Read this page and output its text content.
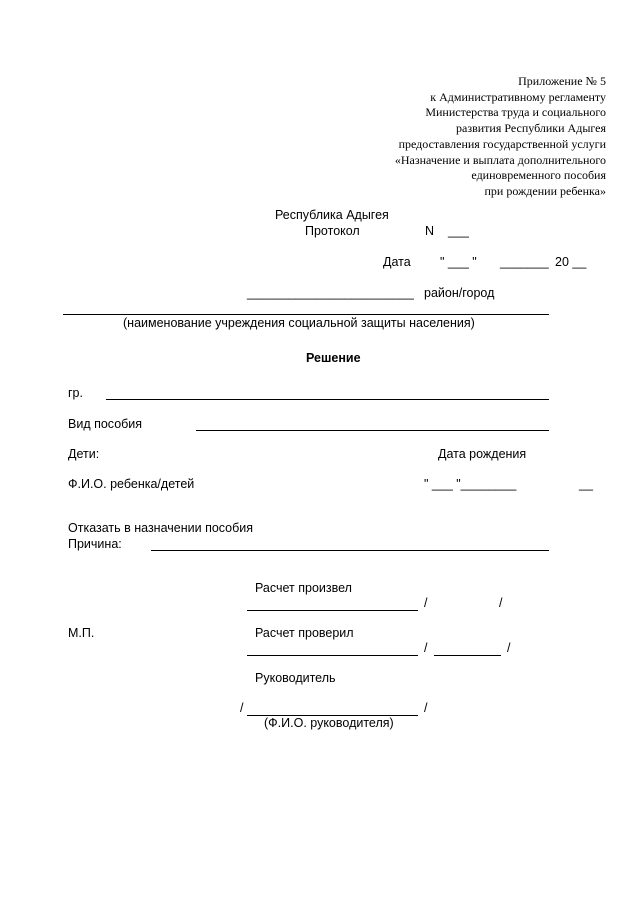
Приложение № 5
к Административному регламенту
Министерства труда и социального
развития Республики Адыгея
предоставления государственной услуги
«Назначение и выплата дополнительного
единовременного пособия
при рождении ребенка»
Республика Адыгея
Протокол	N ___
Дата " ___ " _______ 20 __
________________________ район/город
(наименование учреждения социальной защиты населения)
Решение
гр.
Вид пособия
Дети:	Дата рождения
Ф.И.О. ребенка/детей	" ___ "________	__
Отказать в назначении пособия
Причина:
Расчет произвел
/	/
М.П.	Расчет проверил
/	/
Руководитель
/	/
(Ф.И.О. руководителя)
